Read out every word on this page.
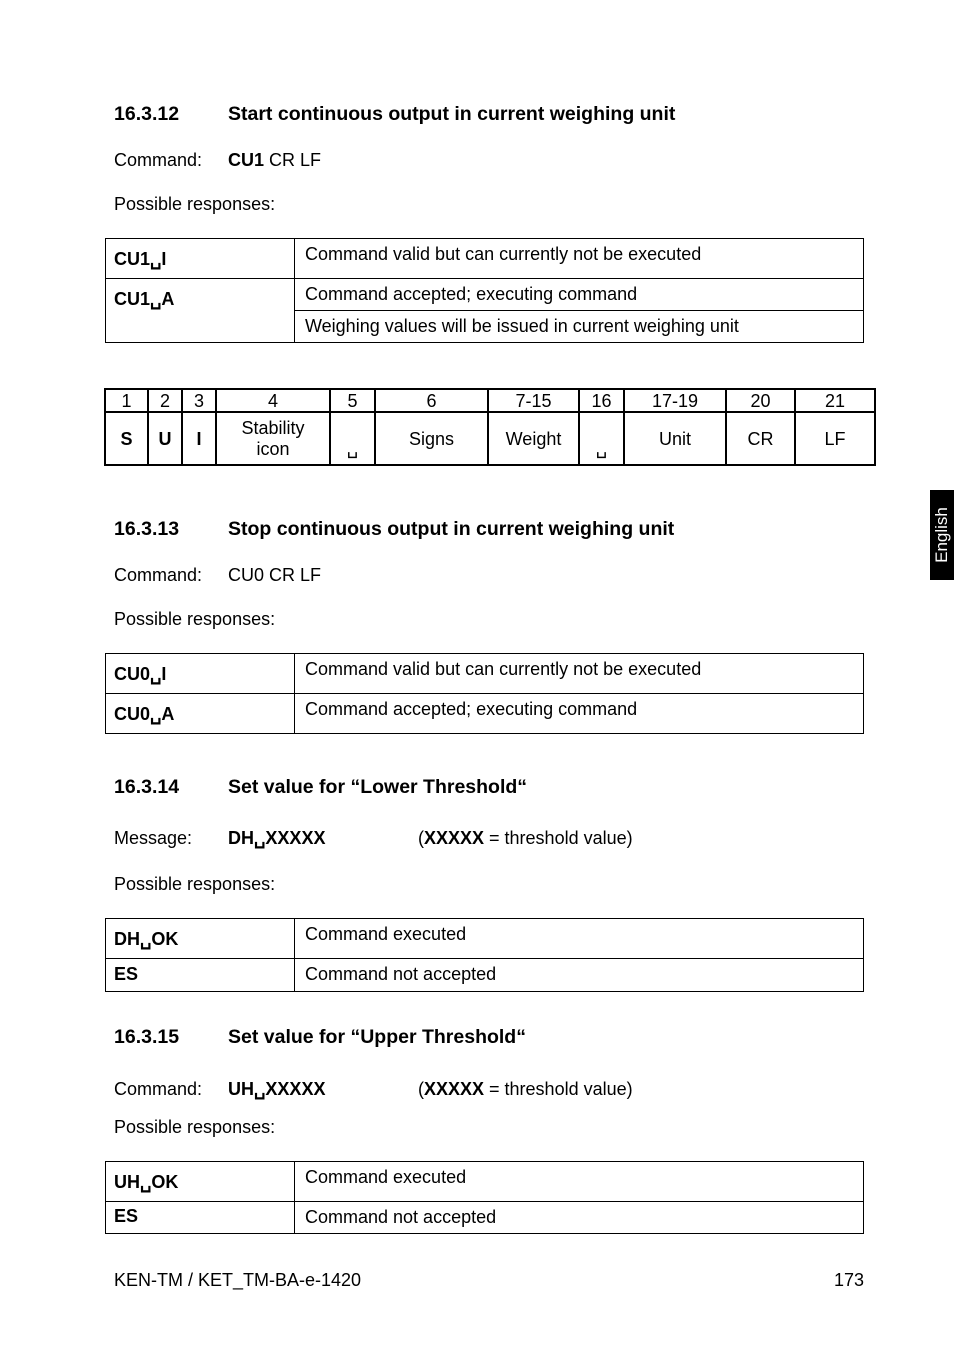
16.3.12	Start continuous output in current weighing unit
Command: CU1 CR LF
Possible responses:
CU1␣I	Command valid but can currently not be executed
CU1␣A	Command accepted; executing command
	Weighing values will be issued in current weighing unit
1	2	3	4	5	6	7-15	16	17-19	20	21
S	U	I	Stability icon	␣	Signs	Weight	␣	Unit	CR	LF
16.3.13	Stop continuous output in current weighing unit
Command: CU0 CR LF
Possible responses:
CU0␣I	Command valid but can currently not be executed
CU0␣A	Command accepted; executing command
16.3.14	Set value for “Lower Threshold“
Message: DH␣XXXXX	(XXXXX = threshold value)
Possible responses:
DH␣OK	Command executed
ES	Command not accepted
16.3.15	Set value for “Upper Threshold“
Command: UH␣XXXXX	(XXXXX = threshold value)
Possible responses:
UH␣OK	Command executed
ES	Command not accepted
English
KEN-TM / KET_TM-BA-e-1420	173
